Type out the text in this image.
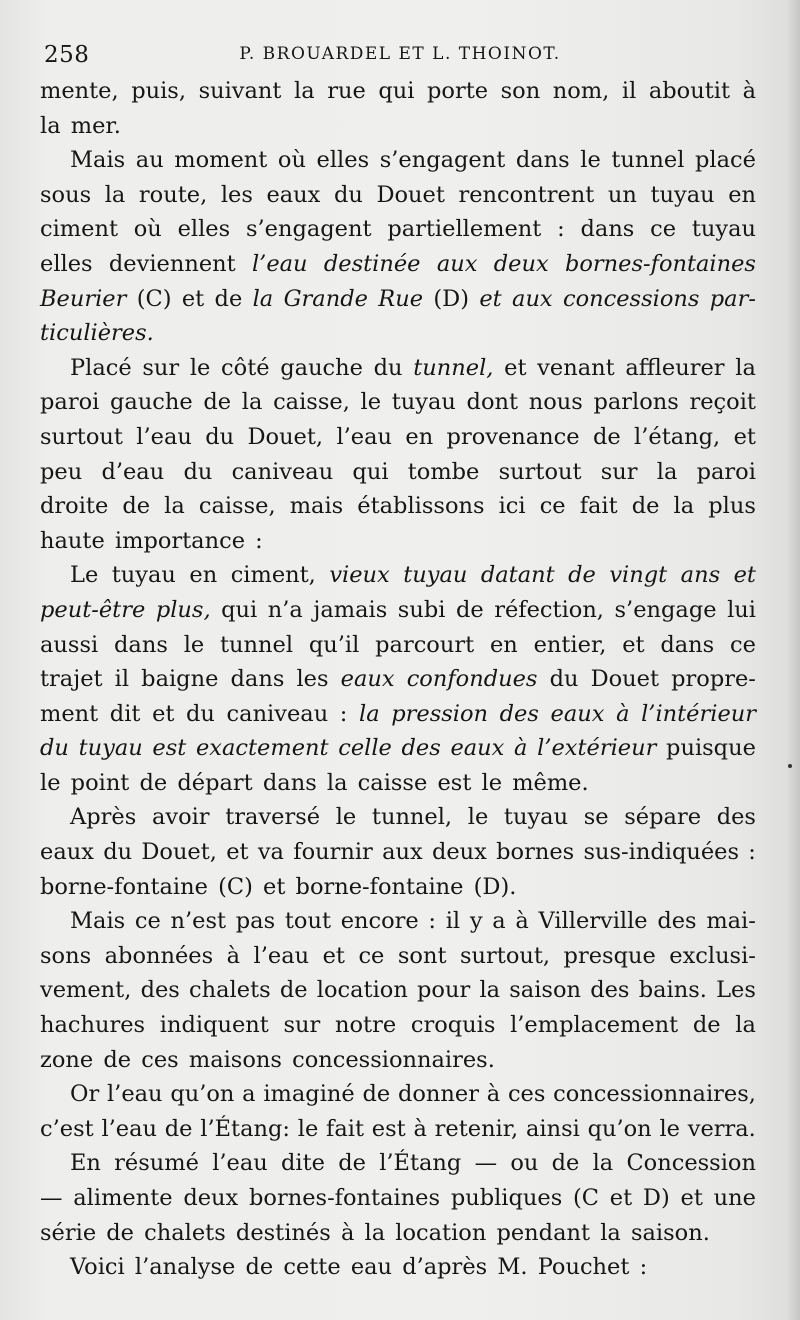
258	P. BROUARDEL ET L. THOINOT.
mente, puis, suivant la rue qui porte son nom, il aboutit à
la mer.
Mais au moment où elles s’engagent dans le tunnel placé
sous la route, les eaux du Douet rencontrent un tuyau en
ciment où elles s’engagent partiellement : dans ce tuyau
elles deviennent l’eau destinée aux deux bornes-fontaines
Beurier (C) et de la Grande Rue (D) et aux concessions par-
ticulières.
Placé sur le côté gauche du tunnel, et venant affleurer la
paroi gauche de la caisse, le tuyau dont nous parlons reçoit
surtout l’eau du Douet, l’eau en provenance de l’étang, et
peu d’eau du caniveau qui tombe surtout sur la paroi
droite de la caisse, mais établissons ici ce fait de la plus
haute importance :
Le tuyau en ciment, vieux tuyau datant de vingt ans et
peut-être plus, qui n’a jamais subi de réfection, s’engage lui
aussi dans le tunnel qu’il parcourt en entier, et dans ce
trajet il baigne dans les eaux confondues du Douet propre-
ment dit et du caniveau : la pression des eaux à l’intérieur
du tuyau est exactement celle des eaux à l’extérieur puisque
le point de départ dans la caisse est le même.
Après avoir traversé le tunnel, le tuyau se sépare des
eaux du Douet, et va fournir aux deux bornes sus-indiquées :
borne-fontaine (C) et borne-fontaine (D).
Mais ce n’est pas tout encore : il y a à Villerville des mai-
sons abonnées à l’eau et ce sont surtout, presque exclusi-
vement, des chalets de location pour la saison des bains. Les
hachures indiquent sur notre croquis l’emplacement de la
zone de ces maisons concessionnaires.
Or l’eau qu’on a imaginé de donner à ces concessionnaires,
c’est l’eau de l’Étang: le fait est à retenir, ainsi qu’on le verra.
En résumé l’eau dite de l’Étang — ou de la Concession
— alimente deux bornes-fontaines publiques (C et D) et une
série de chalets destinés à la location pendant la saison.
Voici l’analyse de cette eau d’après M. Pouchet :
